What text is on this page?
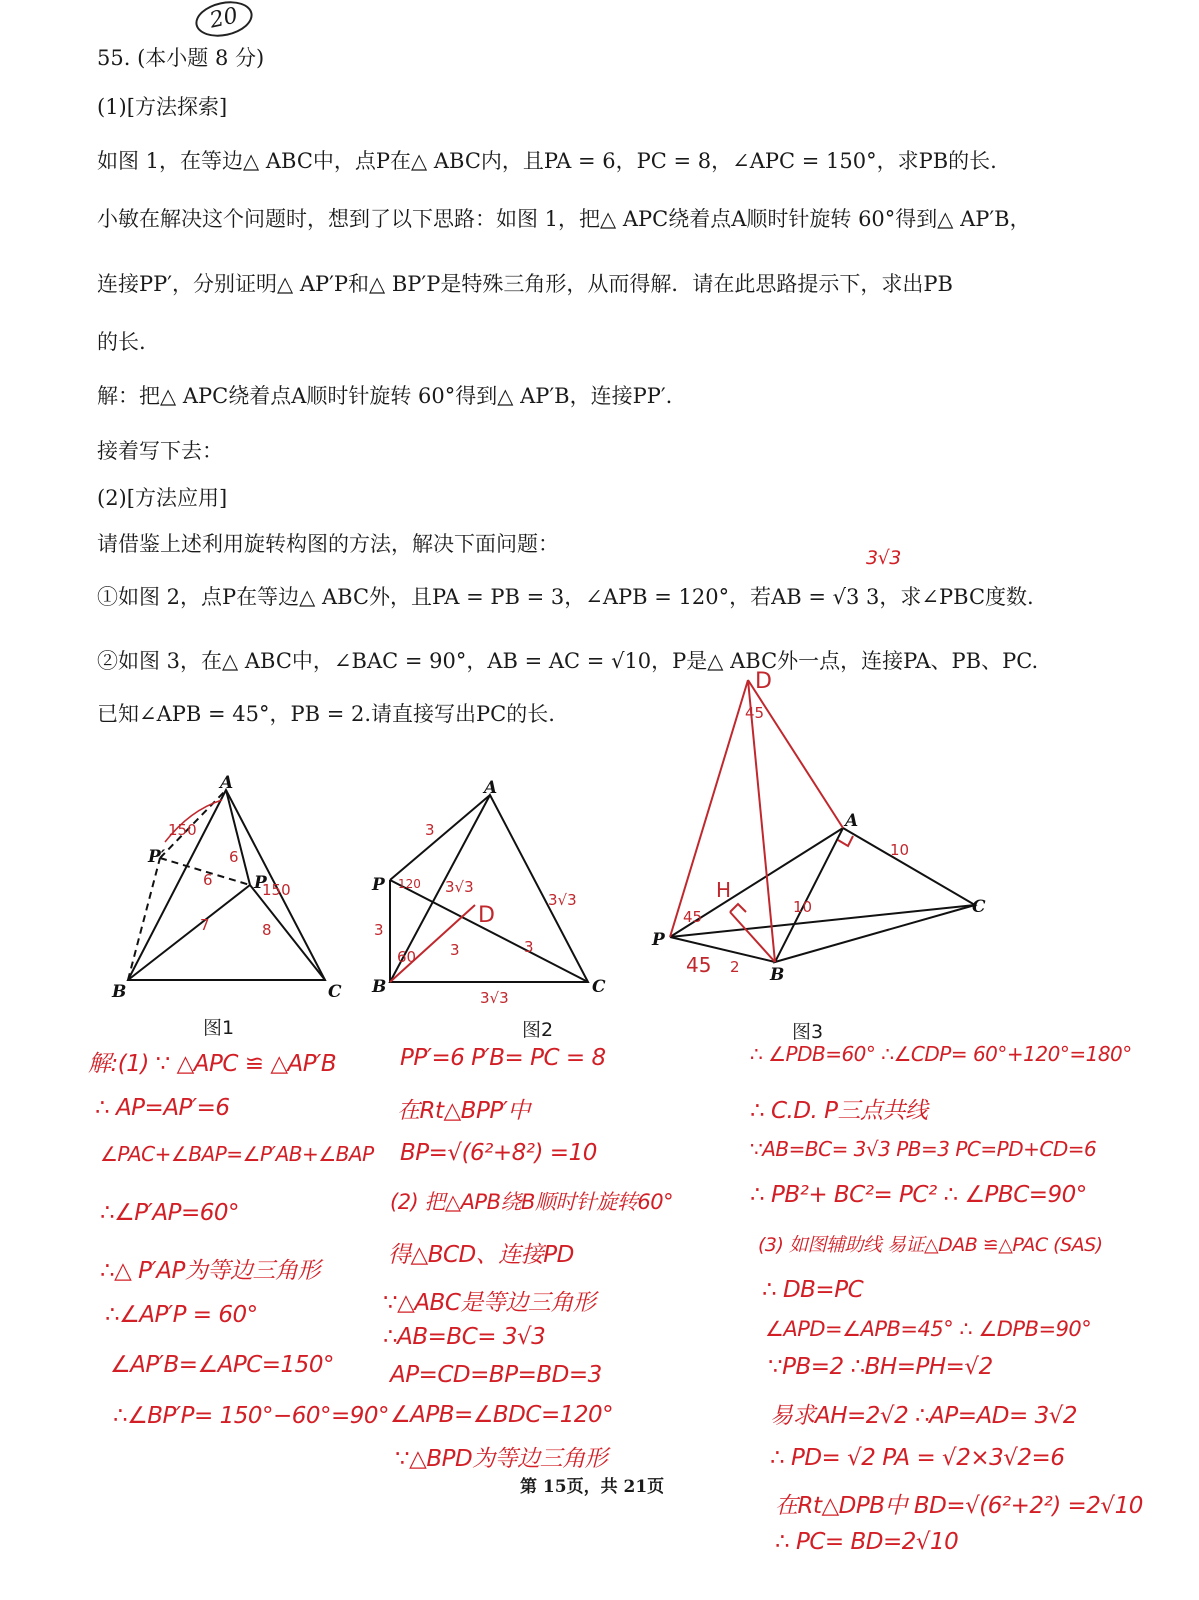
20
55. (本小题 8 分)
(1)[方法探索]
如图 1，在等边△ ABC中，点P在△ ABC内，且PA = 6，PC = 8，∠APC = 150°，求PB的长.
小敏在解决这个问题时，想到了以下思路：如图 1，把△ APC绕着点A顺时针旋转 60°得到△ AP′B，
连接PP′，分别证明△ AP′P和△ BP′P是特殊三角形，从而得解．请在此思路提示下，求出PB
的长.
解：把△ APC绕着点A顺时针旋转 60°得到△ AP′B，连接PP′.
接着写下去：
(2)[方法应用]
请借鉴上述利用旋转构图的方法，解决下面问题：
①如图 2，点P在等边△ ABC外，且PA = PB = 3，∠APB = 120°，若AB = √3 3，求∠PBC度数.
3√3
②如图 3，在△ ABC中，∠BAC = 90°，AB = AC = √10，P是△ ABC外一点，连接PA、PB、PC.
已知∠APB = 45°，PB = 2.请直接写出PC的长.
A
B	C
P
P′
150
6
6
150
7	8
A
P
B	C
D
3
120 3√3
3√3
3
60 3	3
3√3
D
45
A
10
H
10	C
P
45
2 B
45
图1	图2	图3
解:(1) ∵ △APC ≌ △AP′B
∴ AP=AP′=6
∠PAC+∠BAP=∠P′AB+∠BAP
∴∠P′AP=60°
∴△ P′AP为等边三角形
∴∠AP′P = 60°
∠AP′B=∠APC=150°
∴∠BP′P= 150°−60°=90°
PP′=6 P′B= PC = 8
在Rt△BPP′中
BP=√(6²+8²) =10
(2) 把△APB绕B顺时针旋转60°
得△BCD、连接PD
∵△ABC是等边三角形
∴AB=BC= 3√3
AP=CD=BP=BD=3
∠APB=∠BDC=120°
∵△BPD为等边三角形
∴ ∠PDB=60° ∴∠CDP= 60°+120°=180°
∴ C.D. P三点共线
∵AB=BC= 3√3 PB=3 PC=PD+CD=6
∴ PB²+ BC²= PC² ∴ ∠PBC=90°
(3) 如图辅助线 易证△DAB ≌△PAC (SAS)
∴ DB=PC
∠APD=∠APB=45° ∴ ∠DPB=90°
∵PB=2 ∴BH=PH=√2
易求AH=2√2 ∴AP=AD= 3√2
∴ PD= √2 PA = √2×3√2=6
在Rt△DPB中 BD=√(6²+2²) =2√10
∴ PC= BD=2√10
第 15页，共 21页
